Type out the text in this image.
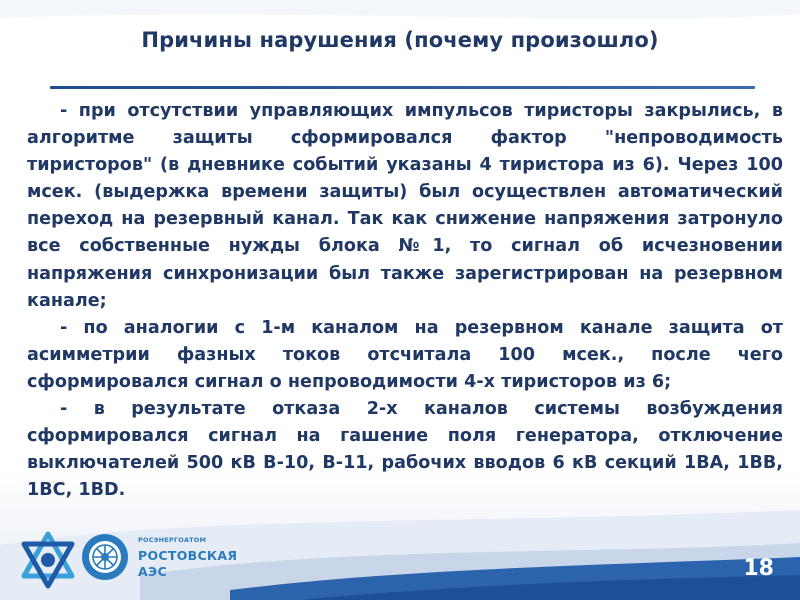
Причины нарушения (почему произошло)

- при отсутствии управляющих импульсов тиристоры закрылись, в алгоритме защиты сформировался фактор "непроводимость тиристоров" (в дневнике событий указаны 4 тиристора из 6). Через 100 мсек. (выдержка времени защиты) был осуществлен автоматический переход на резервный канал. Так как снижение напряжения затронуло все собственные нужды блока №1, то сигнал об исчезновении напряжения синхронизации был также зарегистрирован на резервном канале;

- по аналогии с 1-м каналом на резервном канале защита от асимметрии фазных токов отсчитала 100 мсек., после чего сформировался сигнал о непроводимости 4-х тиристоров из 6;

- в результате отказа 2-х каналов системы возбуждения сформировался сигнал на гашение поля генератора, отключение выключателей 500 кВ В-10, В-11, рабочих вводов 6 кВ секций 1ВА, 1ВВ, 1ВС, 1BD.

РОСЭНЕРГОАТОМ
РОСТОВСКАЯ
АЭС	18
